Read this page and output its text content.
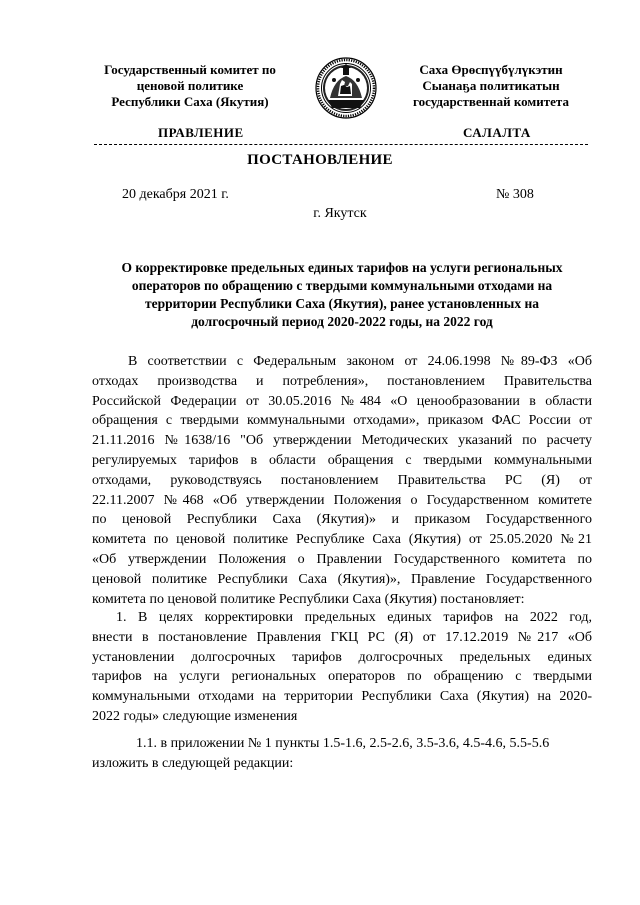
Государственный комитет по
ценовой политике
Республики Саха (Якутия)
Саха Өрөспүүбүлүкэтин
Сыанаҕа политикатын
государственнай комитета
ПРАВЛЕНИЕ	САЛАЛТА
ПОСТАНОВЛЕНИЕ
20 декабря 2021 г.	№ 308
г. Якутск
О корректировке предельных единых тарифов на услуги региональных
операторов по обращению с твердыми коммунальными отходами на
территории Республики Саха (Якутия), ранее установленных на
долгосрочный период 2020-2022 годы, на 2022 год
В соответствии с Федеральным законом от 24.06.1998 №89-ФЗ «Об
отходах производства и потребления», постановлением Правительства
Российской Федерации от 30.05.2016 №484 «О ценообразовании в области
обращения с твердыми коммунальными отходами», приказом ФАС России от
21.11.2016 №1638/16 "Об утверждении Методических указаний по расчету
регулируемых тарифов в области обращения с твердыми коммунальными
отходами, руководствуясь постановлением Правительства РС (Я) от
22.11.2007 №468 «Об утверждении Положения о Государственном комитете
по ценовой Республики Саха (Якутия)» и приказом Государственного
комитета по ценовой политике Республике Саха (Якутия) от 25.05.2020 №21
«Об утверждении Положения о Правлении Государственного комитета по
ценовой политике Республики Саха (Якутия)», Правление Государственного
комитета по ценовой политике Республики Саха (Якутия) постановляет:
1. В целях корректировки предельных единых тарифов на 2022 год,
внести в постановление Правления ГКЦ РС (Я) от 17.12.2019 №217 «Об
установлении долгосрочных тарифов долгосрочных предельных единых
тарифов на услуги региональных операторов по обращению с твердыми
коммунальными отходами на территории Республики Саха (Якутия) на 2020-
2022 годы» следующие изменения
1.1. в приложении № 1 пункты 1.5-1.6, 2.5-2.6, 3.5-3.6, 4.5-4.6, 5.5-5.6
изложить в следующей редакции:
